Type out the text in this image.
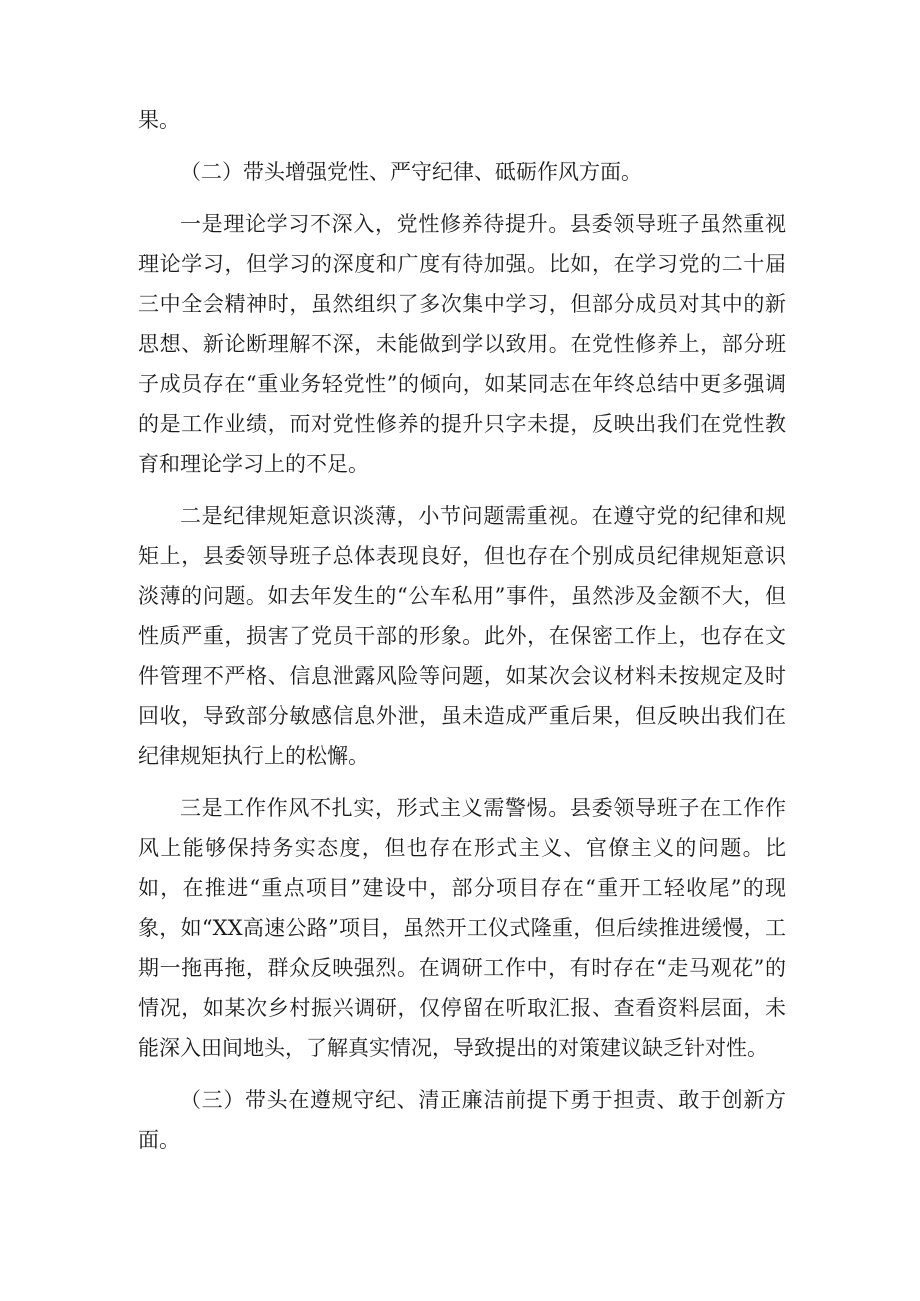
果。

（二）带头增强党性、严守纪律、砥砺作风方面。

一是理论学习不深入，党性修养待提升。县委领导班子虽然重视理论学习，但学习的深度和广度有待加强。比如，在学习党的二十届三中全会精神时，虽然组织了多次集中学习，但部分成员对其中的新思想、新论断理解不深，未能做到学以致用。在党性修养上，部分班子成员存在“重业务轻党性”的倾向，如某同志在年终总结中更多强调的是工作业绩，而对党性修养的提升只字未提，反映出我们在党性教育和理论学习上的不足。

二是纪律规矩意识淡薄，小节问题需重视。在遵守党的纪律和规矩上，县委领导班子总体表现良好，但也存在个别成员纪律规矩意识淡薄的问题。如去年发生的“公车私用”事件，虽然涉及金额不大，但性质严重，损害了党员干部的形象。此外，在保密工作上，也存在文件管理不严格、信息泄露风险等问题，如某次会议材料未按规定及时回收，导致部分敏感信息外泄，虽未造成严重后果，但反映出我们在纪律规矩执行上的松懈。

三是工作作风不扎实，形式主义需警惕。县委领导班子在工作作风上能够保持务实态度，但也存在形式主义、官僚主义的问题。比如，在推进“重点项目”建设中，部分项目存在“重开工轻收尾”的现象，如“XX高速公路”项目，虽然开工仪式隆重，但后续推进缓慢，工期一拖再拖，群众反映强烈。在调研工作中，有时存在“走马观花”的情况，如某次乡村振兴调研，仅停留在听取汇报、查看资料层面，未能深入田间地头，了解真实情况，导致提出的对策建议缺乏针对性。

（三）带头在遵规守纪、清正廉洁前提下勇于担责、敢于创新方面。
